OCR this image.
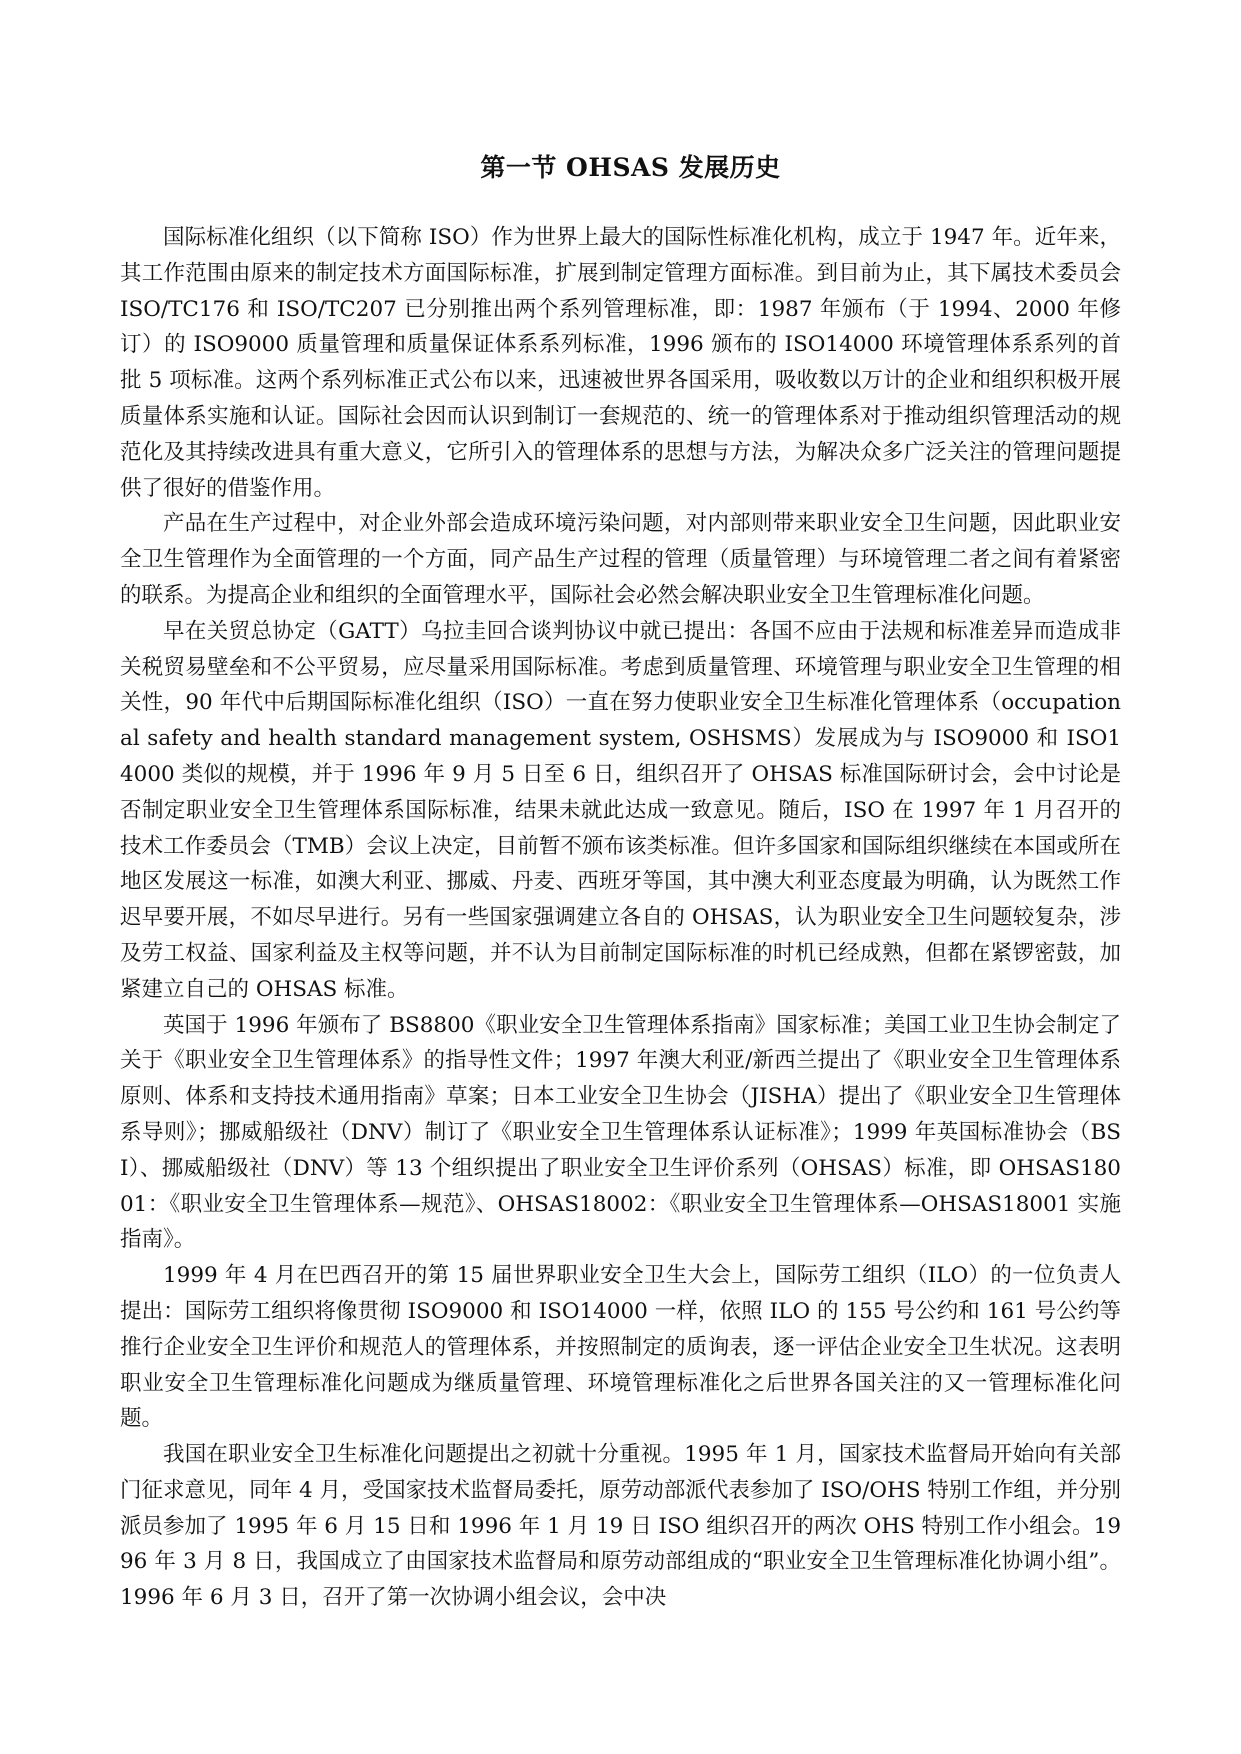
第一节 OHSAS 发展历史

国际标准化组织（以下简称 ISO）作为世界上最大的国际性标准化机构，成立于 1947 年。近年来，其工作范围由原来的制定技术方面国际标准，扩展到制定管理方面标准。到目前为止，其下属技术委员会 ISO/TC176 和 ISO/TC207 已分别推出两个系列管理标准，即：1987 年颁布（于 1994、2000 年修订）的 ISO9000 质量管理和质量保证体系系列标准，1996 颁布的 ISO14000 环境管理体系系列的首批 5 项标准。这两个系列标准正式公布以来，迅速被世界各国采用，吸收数以万计的企业和组织积极开展质量体系实施和认证。国际社会因而认识到制订一套规范的、统一的管理体系对于推动组织管理活动的规范化及其持续改进具有重大意义，它所引入的管理体系的思想与方法，为解决众多广泛关注的管理问题提供了很好的借鉴作用。

产品在生产过程中，对企业外部会造成环境污染问题，对内部则带来职业安全卫生问题，因此职业安全卫生管理作为全面管理的一个方面，同产品生产过程的管理（质量管理）与环境管理二者之间有着紧密的联系。为提高企业和组织的全面管理水平，国际社会必然会解决职业安全卫生管理标准化问题。

早在关贸总协定（GATT）乌拉圭回合谈判协议中就已提出：各国不应由于法规和标准差异而造成非关税贸易壁垒和不公平贸易，应尽量采用国际标准。考虑到质量管理、环境管理与职业安全卫生管理的相关性，90 年代中后期国际标准化组织（ISO）一直在努力使职业安全卫生标准化管理体系（occupational safety and health standard management system, OSHSMS）发展成为与 ISO9000 和 ISO14000 类似的规模，并于 1996 年 9 月 5 日至 6 日，组织召开了 OHSAS 标准国际研讨会，会中讨论是否制定职业安全卫生管理体系国际标准，结果未就此达成一致意见。随后，ISO 在 1997 年 1 月召开的技术工作委员会（TMB）会议上决定，目前暂不颁布该类标准。但许多国家和国际组织继续在本国或所在地区发展这一标准，如澳大利亚、挪威、丹麦、西班牙等国，其中澳大利亚态度最为明确，认为既然工作迟早要开展，不如尽早进行。另有一些国家强调建立各自的 OHSAS，认为职业安全卫生问题较复杂，涉及劳工权益、国家利益及主权等问题，并不认为目前制定国际标准的时机已经成熟，但都在紧锣密鼓，加紧建立自己的 OHSAS 标准。

英国于 1996 年颁布了 BS8800《职业安全卫生管理体系指南》国家标准；美国工业卫生协会制定了关于《职业安全卫生管理体系》的指导性文件；1997 年澳大利亚/新西兰提出了《职业安全卫生管理体系原则、体系和支持技术通用指南》草案；日本工业安全卫生协会（JISHA）提出了《职业安全卫生管理体系导则》；挪威船级社（DNV）制订了《职业安全卫生管理体系认证标准》；1999 年英国标准协会（BSI）、挪威船级社（DNV）等 13 个组织提出了职业安全卫生评价系列（OHSAS）标准，即 OHSAS18001：《职业安全卫生管理体系—规范》、OHSAS18002：《职业安全卫生管理体系—OHSAS18001 实施指南》。

1999 年 4 月在巴西召开的第 15 届世界职业安全卫生大会上，国际劳工组织（ILO）的一位负责人提出：国际劳工组织将像贯彻 ISO9000 和 ISO14000 一样，依照 ILO 的 155 号公约和 161 号公约等推行企业安全卫生评价和规范人的管理体系，并按照制定的质询表，逐一评估企业安全卫生状况。这表明职业安全卫生管理标准化问题成为继质量管理、环境管理标准化之后世界各国关注的又一管理标准化问题。

我国在职业安全卫生标准化问题提出之初就十分重视。1995 年 1 月，国家技术监督局开始向有关部门征求意见，同年 4 月，受国家技术监督局委托，原劳动部派代表参加了 ISO/OHS 特别工作组，并分别派员参加了 1995 年 6 月 15 日和 1996 年 1 月 19 日 ISO 组织召开的两次 OHS 特别工作小组会。1996 年 3 月 8 日，我国成立了由国家技术监督局和原劳动部组成的“职业安全卫生管理标准化协调小组”。1996 年 6 月 3 日，召开了第一次协调小组会议，会中决
